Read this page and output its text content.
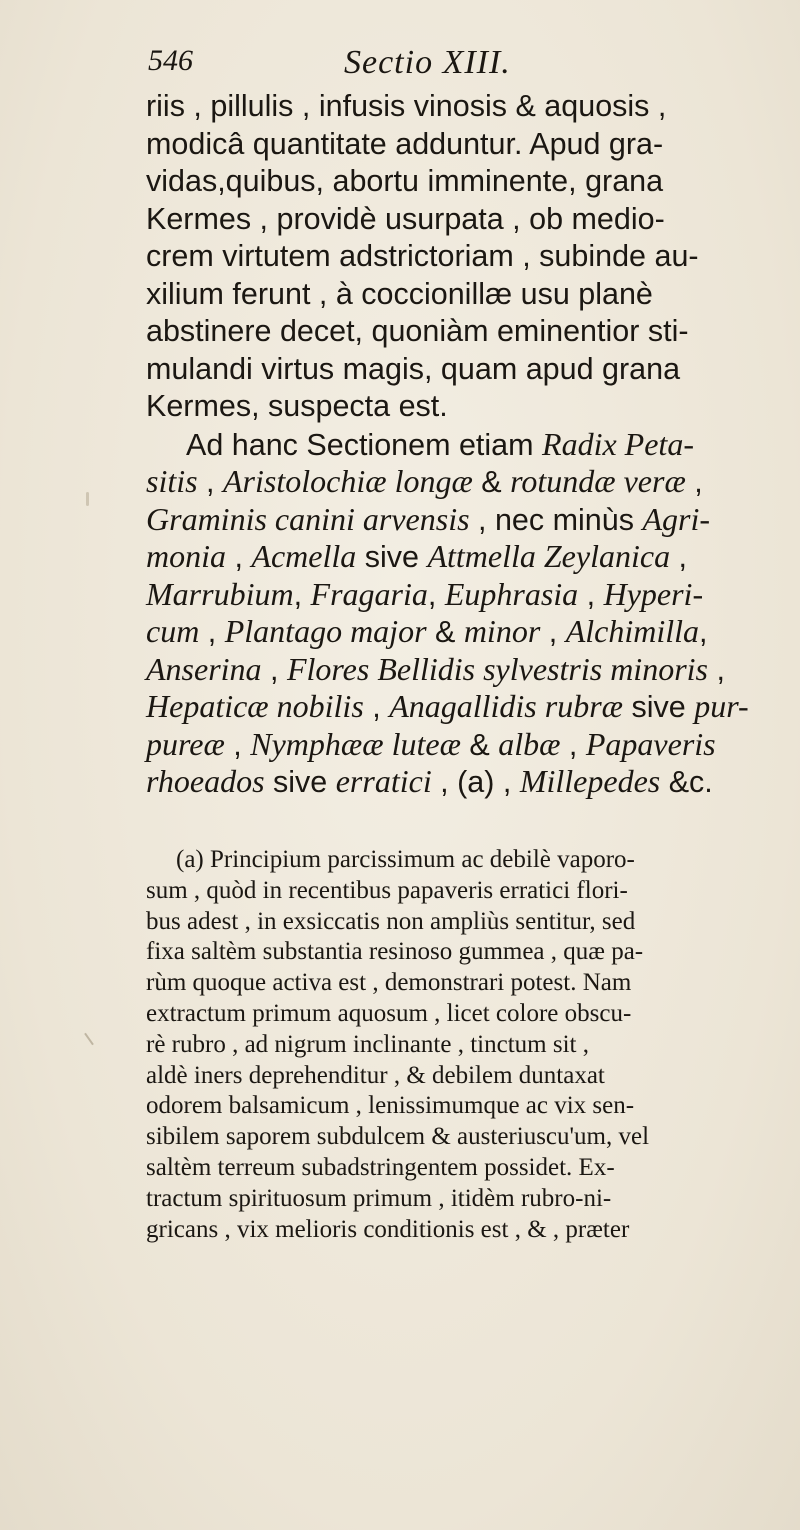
546	Sectio XIII.
riis , pillulis , infusis vinosis & aquosis ,
modicâ quantitate adduntur. Apud gra-
vidas,quibus, abortu imminente, grana
Kermes , providè usurpata , ob medio-
crem virtutem adstrictoriam , subinde au-
xilium ferunt , à coccionillæ usu planè
abstinere decet, quoniàm eminentior sti-
mulandi virtus magis, quam apud grana
Kermes, suspecta est.
Ad hanc Sectionem etiam Radix Peta-
sitis , Aristolochiæ longæ & rotundæ veræ ,
Graminis canini arvensis , nec minùs Agri-
monia , Acmella sive Attmella Zeylanica ,
Marrubium, Fragaria, Euphrasia , Hyperi-
cum , Plantago major & minor , Alchimilla,
Anserina , Flores Bellidis sylvestris minoris ,
Hepaticæ nobilis , Anagallidis rubræ sive pur-
pureæ , Nymphææ luteæ & albæ , Papaveris
rhoeados sive erratici , (a) , Millepedes &c.
(a) Principium parcissimum ac debilè vaporo-
sum , quòd in recentibus papaveris erratici flori-
bus adest , in exsiccatis non ampliùs sentitur, sed
fixa saltèm substantia resinoso gummea , quæ pa-
rùm quoque activa est , demonstrari potest. Nam
extractum primum aquosum , licet colore obscu-
rè rubro , ad nigrum inclinante , tinctum sit ,
aldè iners deprehenditur , & debilem duntaxat
odorem balsamicum , lenissimumque ac vix sen-
sibilem saporem subdulcem & austeriuscu'um, vel
saltèm terreum subadstringentem possidet. Ex-
tractum spirituosum primum , itidèm rubro-ni-
gricans , vix melioris conditionis est , & , præter
